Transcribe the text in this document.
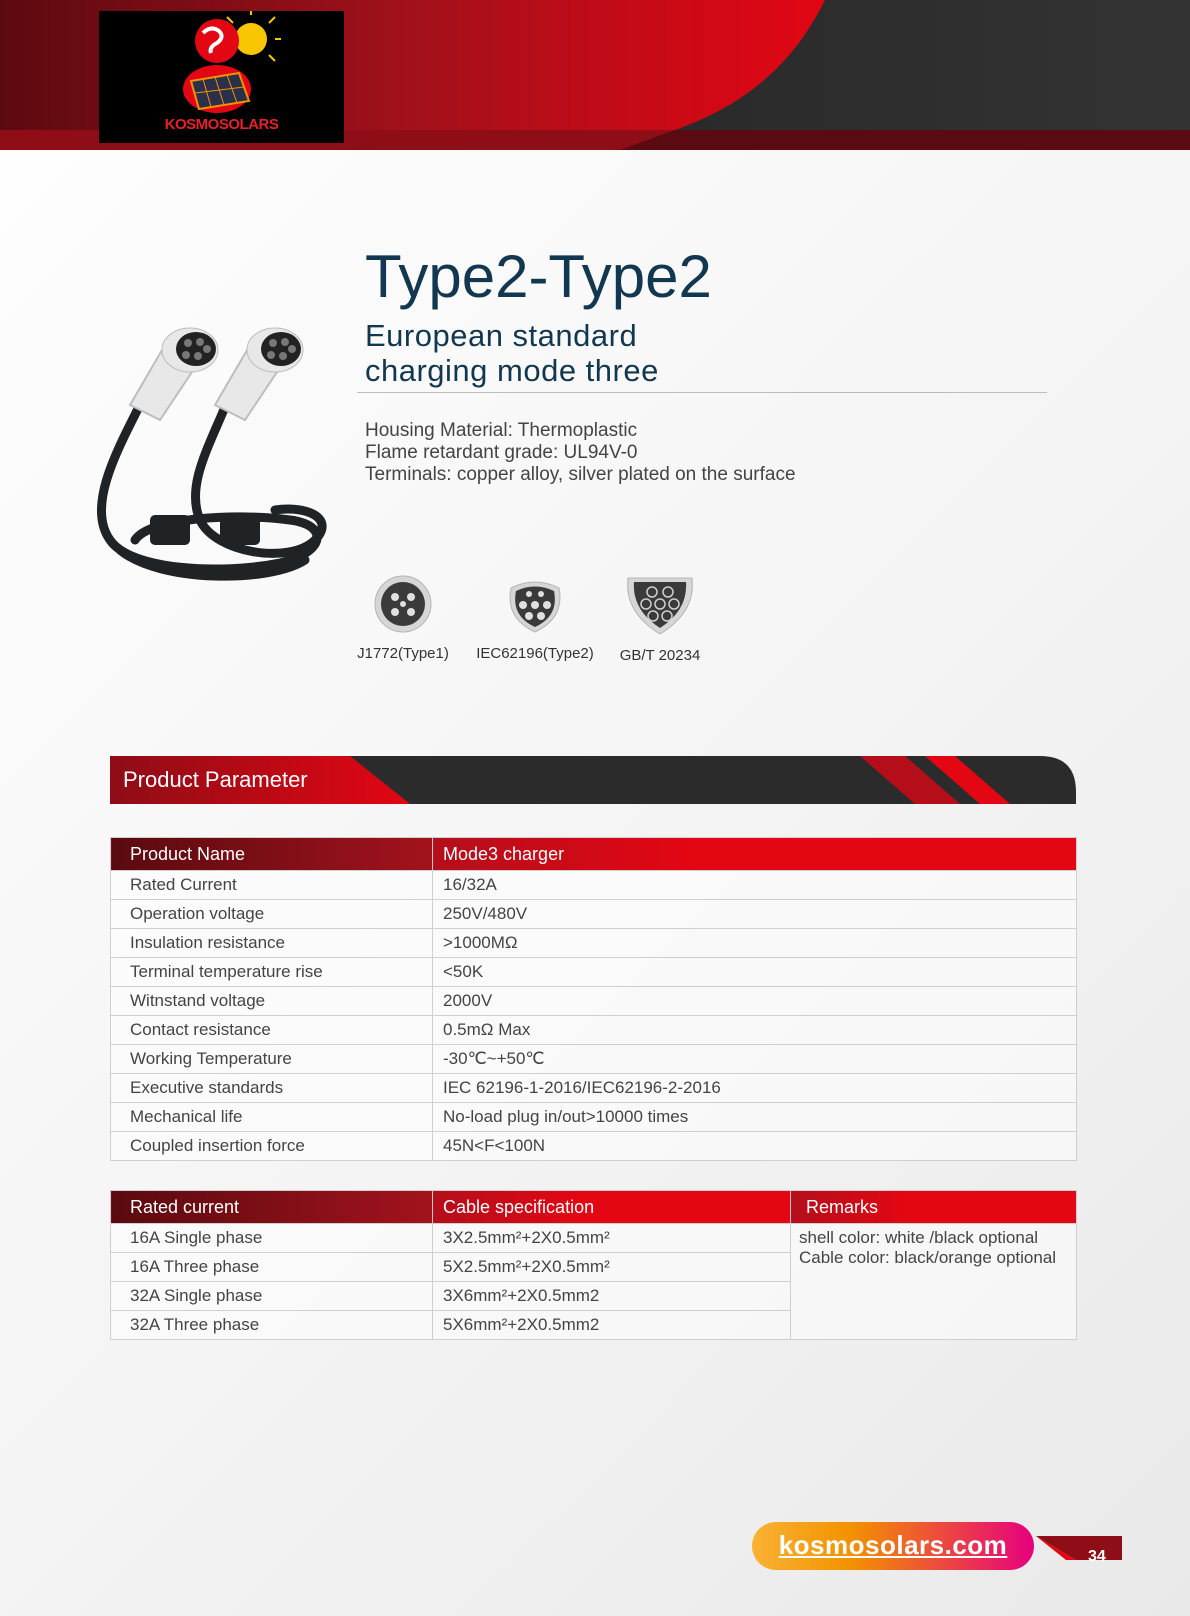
KOSMOSOLARS
Type2-Type2
European standard
charging mode three
Housing Material: Thermoplastic
Flame retardant grade: UL94V-0
Terminals: copper alloy, silver plated on the surface
J1772(Type1)	IEC62196(Type2)	GB/T 20234
Product Parameter
Product Name	Mode3 charger
Rated Current	16/32A
Operation voltage	250V/480V
Insulation resistance	>1000MΩ
Terminal temperature rise	<50K
Witnstand voltage	2000V
Contact resistance	0.5mΩ Max
Working Temperature	-30℃~+50℃
Executive standards	IEC 62196-1-2016/IEC62196-2-2016
Mechanical life	No-load plug in/out>10000 times
Coupled insertion force	45N<F<100N
Rated current	Cable specification	Remarks
16A Single phase	3X2.5mm²+2X0.5mm²	shell color: white /black optional
Cable color: black/orange optional

16A Three phase	5X2.5mm²+2X0.5mm²	
32A Single phase	3X6mm²+2X0.5mm2	
32A Three phase	5X6mm²+2X0.5mm2	
kosmosolars.com	34
